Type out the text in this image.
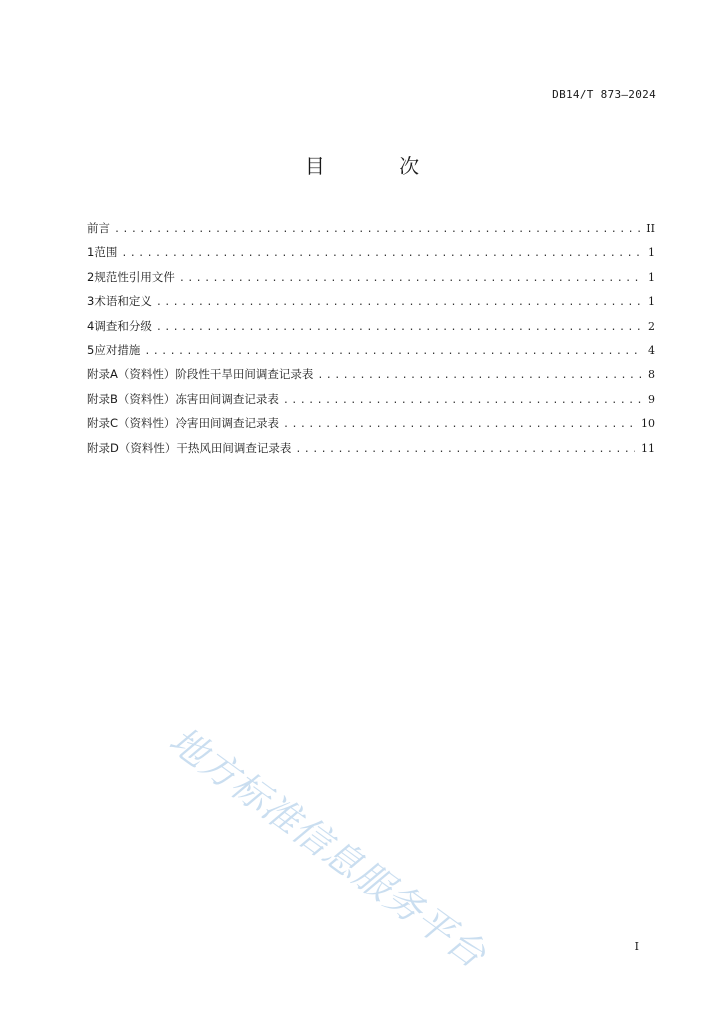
DB14/T 873—2024
目 次
前言 .....	II
1 范围 .....	1
2 规范性引用文件 .....	1
3 术语和定义 .....	1
4 调查和分级 .....	2
5 应对措施 .....	4
附录A（资料性）阶段性干旱田间调查记录表 .....	8
附录B（资料性）冻害田间调查记录表 .....	9
附录C（资料性）冷害田间调查记录表 .....	10
附录D（资料性）干热风田间调查记录表 .....	11
地方标准信息服务平台	I
